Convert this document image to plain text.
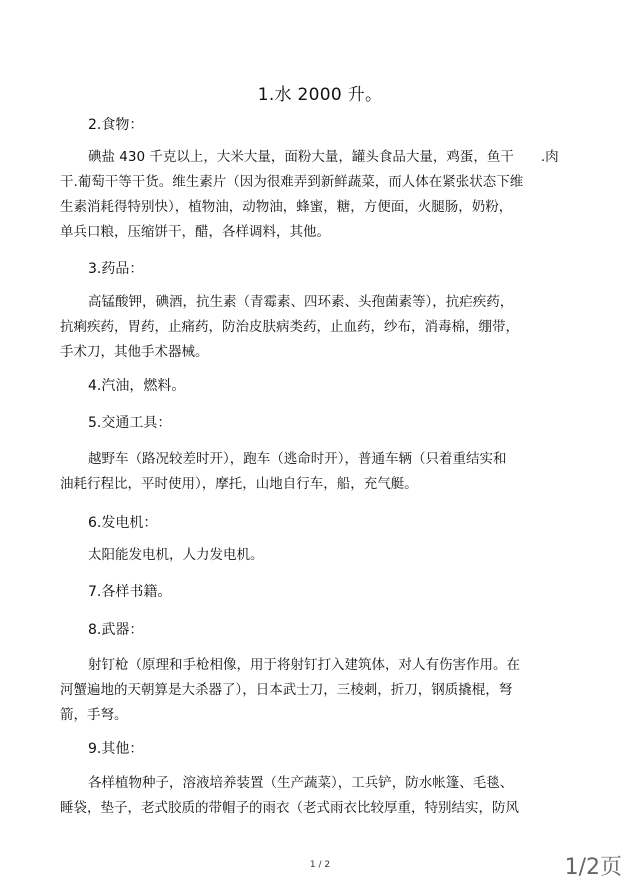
1.水 2000 升。
2.食物：
碘盐 430 千克以上，大米大量，面粉大量，罐头食品大量，鸡蛋，鱼干　　.肉
干.葡萄干等干货。维生素片（因为很难弄到新鲜蔬菜，而人体在紧张状态下维
生素消耗得特别快），植物油，动物油，蜂蜜，糖，方便面，火腿肠，奶粉，
单兵口粮，压缩饼干，醋，各样调料，其他。
3.药品：
高锰酸钾，碘酒，抗生素（青霉素、四环素、头孢菌素等），抗疟疾药，
抗痢疾药，胃药，止痛药，防治皮肤病类药，止血药，纱布，消毒棉，绷带，
手术刀，其他手术器械。
4.汽油，燃料。
5.交通工具：
越野车（路况较差时开），跑车（逃命时开），普通车辆（只着重结实和
油耗行程比，平时使用），摩托，山地自行车，船，充气艇。
6.发电机：
太阳能发电机，人力发电机。
7.各样书籍。
8.武器：
射钉枪（原理和手枪相像，用于将射钉打入建筑体，对人有伤害作用。在
河蟹遍地的天朝算是大杀器了），日本武士刀，三棱刺，折刀，钢质撬棍，弩
箭，手弩。
9.其他：
各样植物种子，溶液培养装置（生产蔬菜），工兵铲，防水帐篷、毛毯、
睡袋，垫子，老式胶质的带帽子的雨衣（老式雨衣比较厚重，特别结实，防风
1 / 2	1/2页
